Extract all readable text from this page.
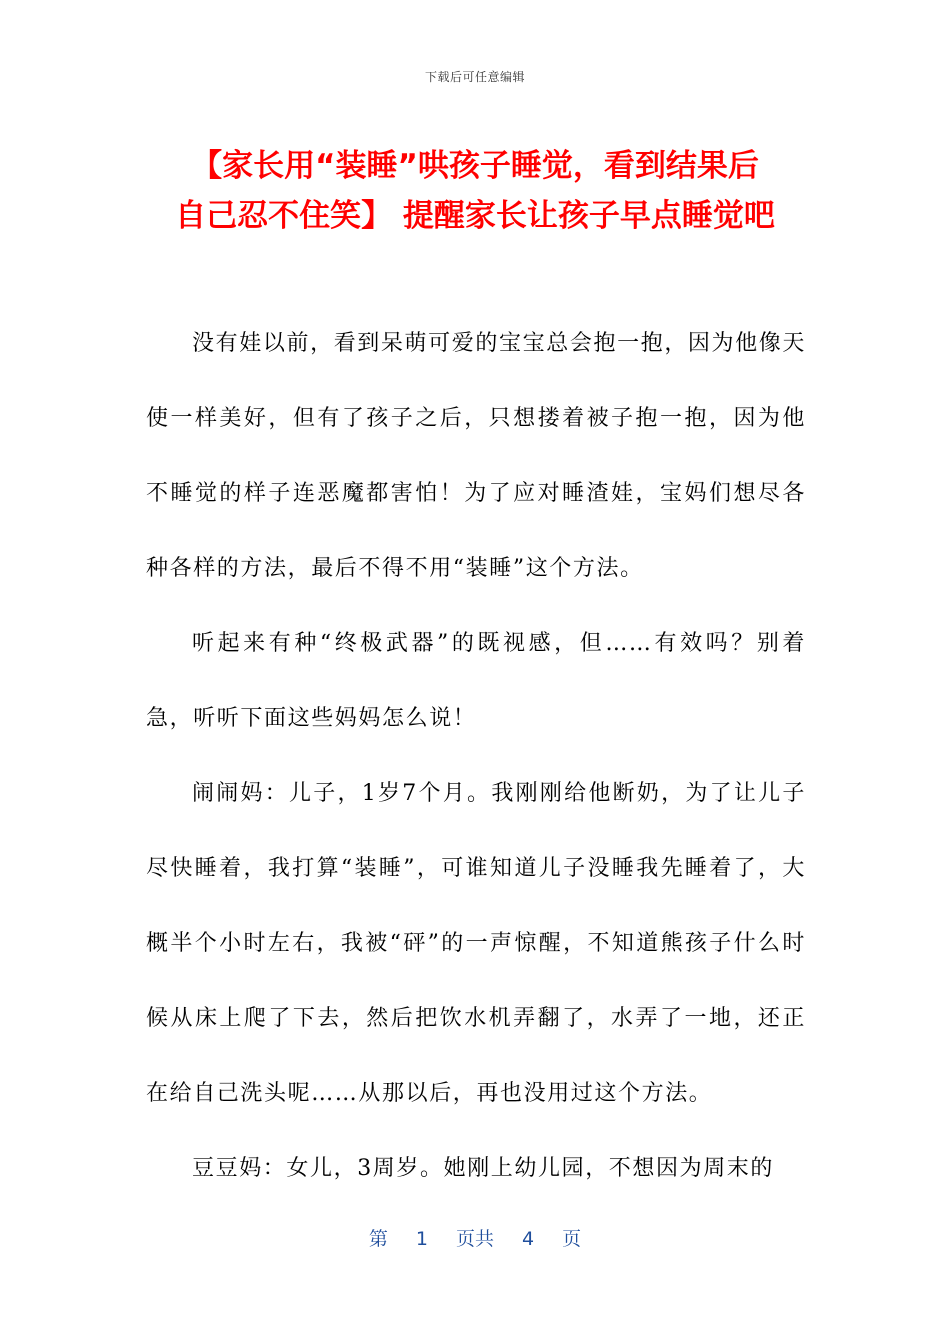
下载后可任意编辑
【家长用“装睡”哄孩子睡觉，看到结果后
自己忍不住笑】 提醒家长让孩子早点睡觉吧

没有娃以前，看到呆萌可爱的宝宝总会抱一抱，因为他像天使一样美好，但有了孩子之后，只想搂着被子抱一抱，因为他不睡觉的样子连恶魔都害怕！为了应对睡渣娃，宝妈们想尽各种各样的方法，最后不得不用“装睡”这个方法。

听起来有种“终极武器”的既视感，但……有效吗？别着急，听听下面这些妈妈怎么说！

闹闹妈：儿子，1岁7个月。我刚刚给他断奶，为了让儿子尽快睡着，我打算“装睡”，可谁知道儿子没睡我先睡着了，大概半个小时左右，我被“砰”的一声惊醒，不知道熊孩子什么时候从床上爬了下去，然后把饮水机弄翻了，水弄了一地，还正在给自己洗头呢……从那以后，再也没用过这个方法。

豆豆妈：女儿，3周岁。她刚上幼儿园，不想因为周末的

第 1 页共 4 页
